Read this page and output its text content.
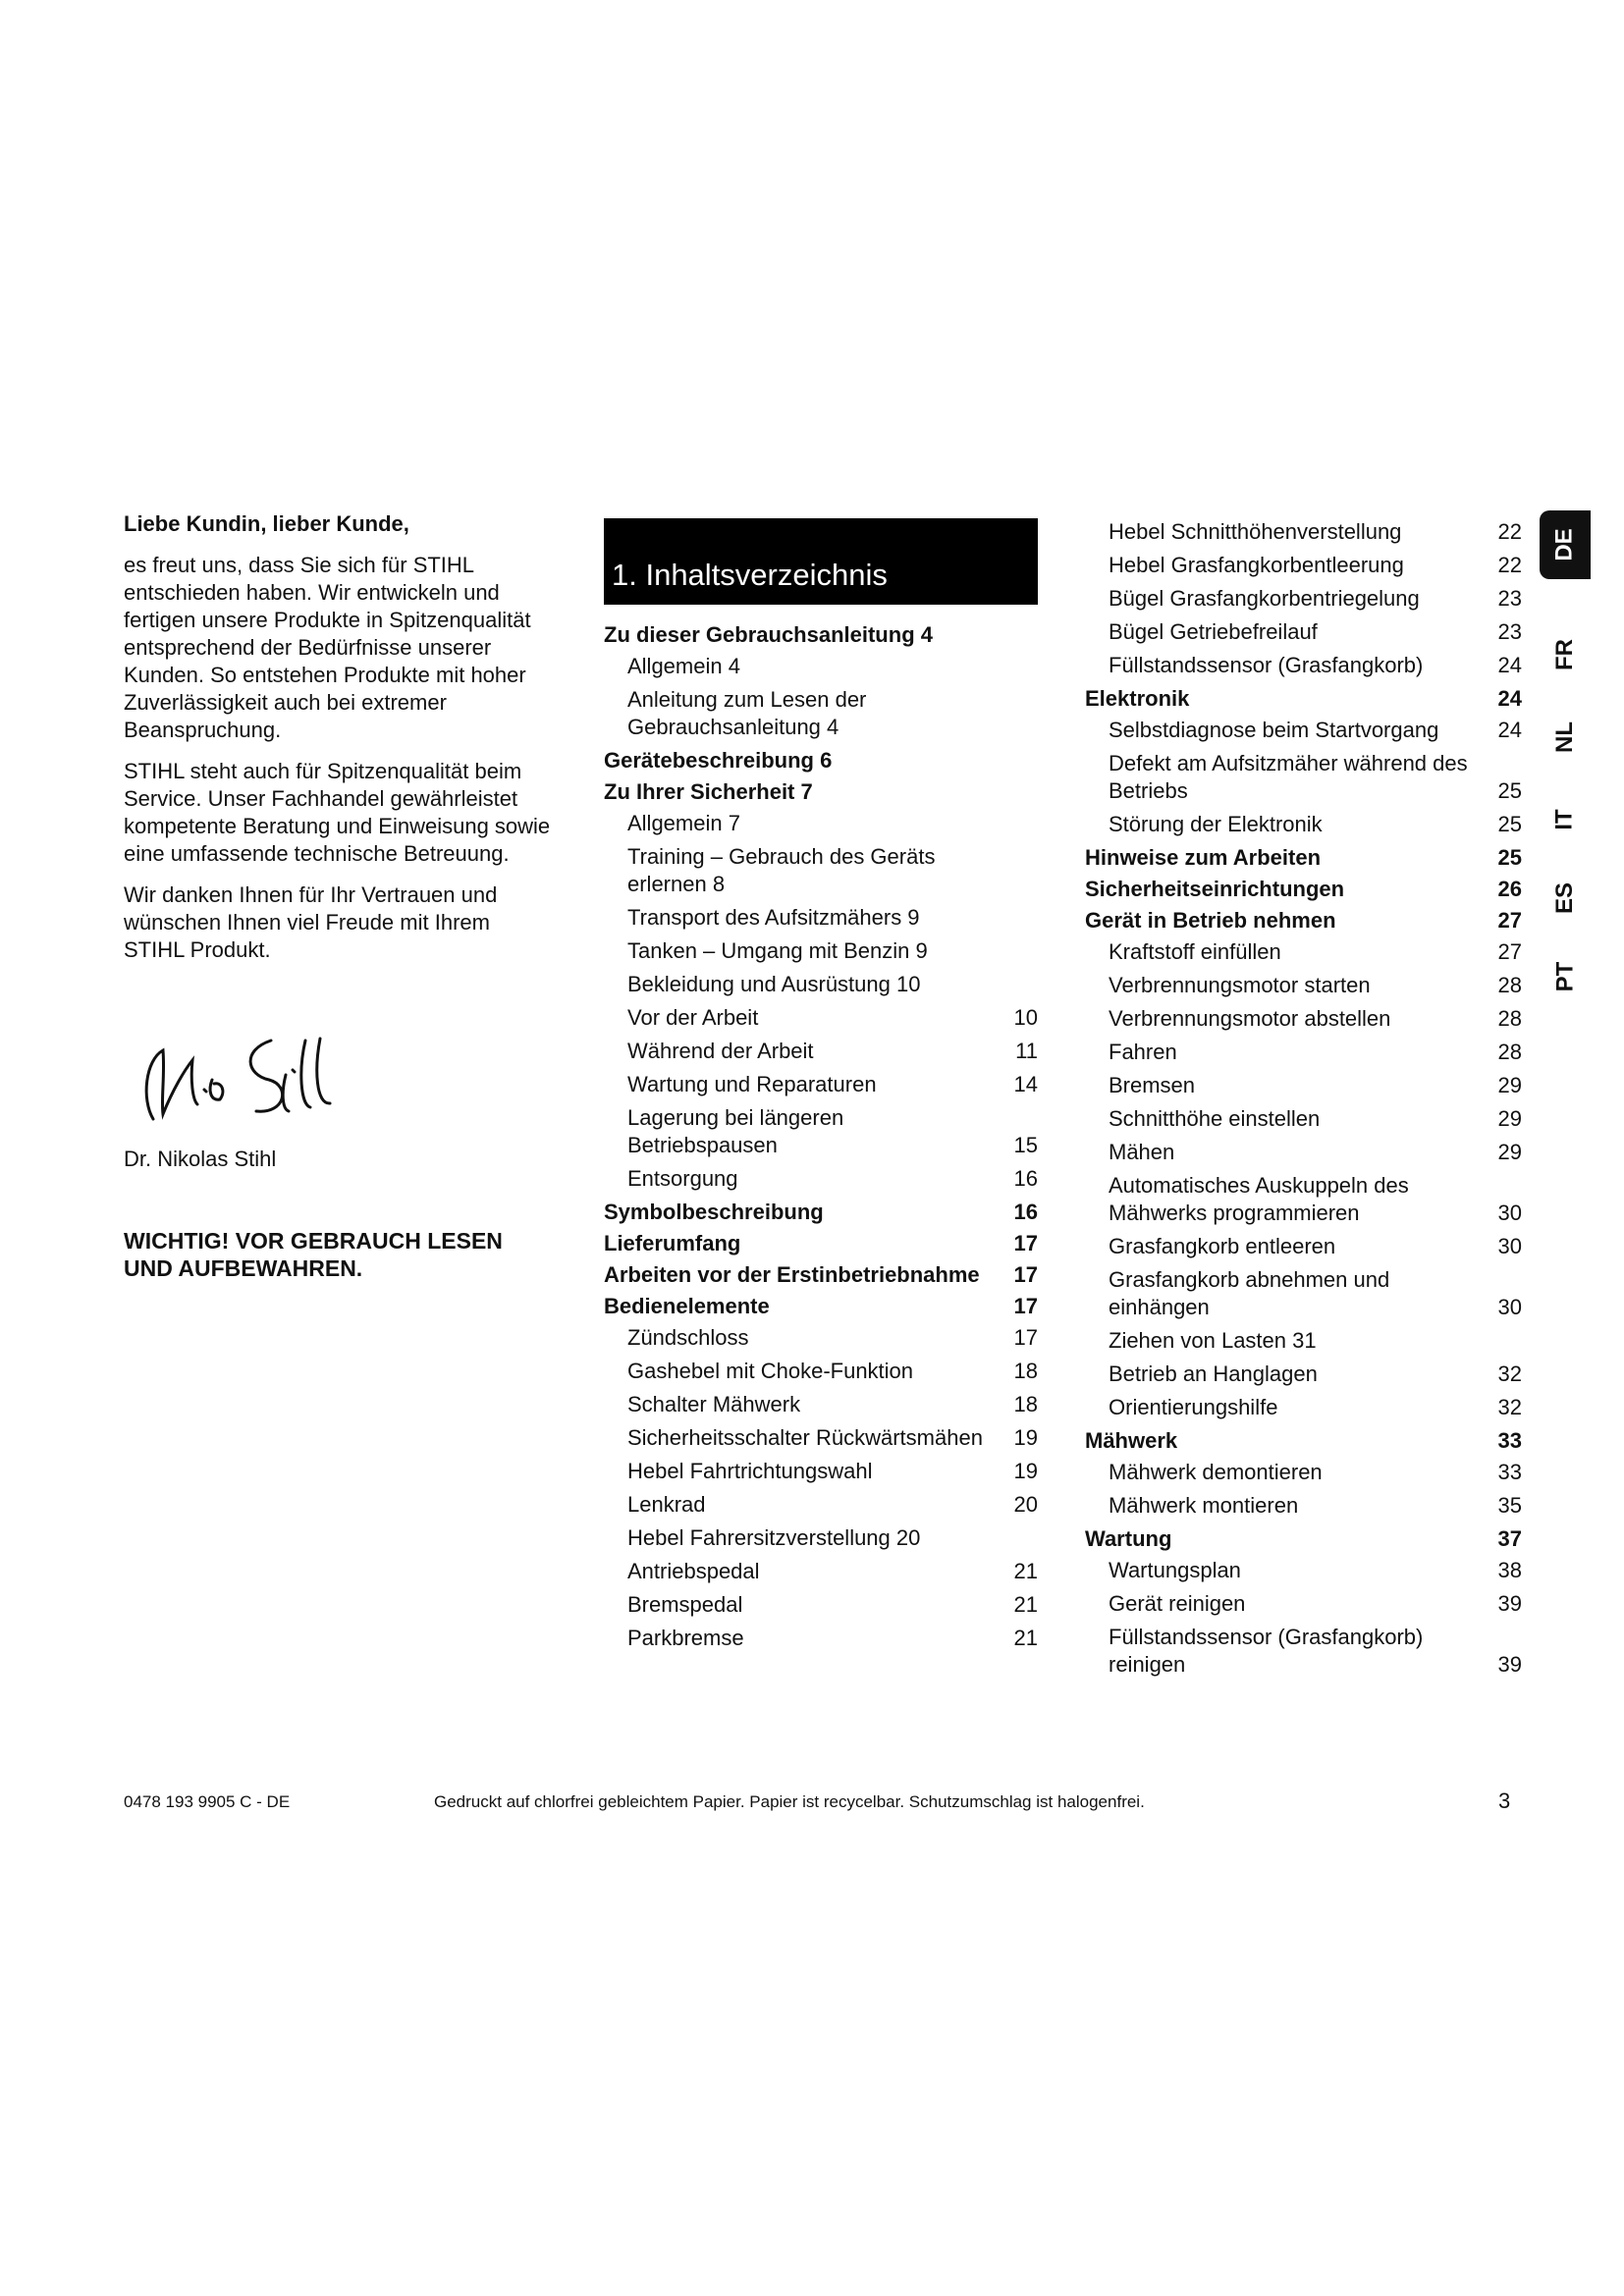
Liebe Kundin, lieber Kunde,

es freut uns, dass Sie sich für STIHL entschieden haben. Wir entwickeln und fertigen unsere Produkte in Spitzenqualität entsprechend der Bedürfnisse unserer Kunden. So entstehen Produkte mit hoher Zuverlässigkeit auch bei extremer Beanspruchung.

STIHL steht auch für Spitzenqualität beim Service. Unser Fachhandel gewährleistet kompetente Beratung und Einweisung sowie eine umfassende technische Betreuung.

Wir danken Ihnen für Ihr Vertrauen und wünschen Ihnen viel Freude mit Ihrem STIHL Produkt.

Dr. Nikolas Stihl
WICHTIG! VOR GEBRAUCH LESEN UND AUFBEWAHREN.
1. Inhaltsverzeichnis
Zu dieser Gebrauchsanleitung 4
Allgemein 4
Anleitung zum Lesen der Gebrauchsanleitung 4
Gerätebeschreibung 6
Zu Ihrer Sicherheit 7
Allgemein 7
Training – Gebrauch des Geräts erlernen 8
Transport des Aufsitzmähers 9
Tanken – Umgang mit Benzin 9
Bekleidung und Ausrüstung 10
Vor der Arbeit	10
Während der Arbeit	11
Wartung und Reparaturen	14
Lagerung bei längeren Betriebspausen	15
Entsorgung	16
Symbolbeschreibung	16
Lieferumfang	17
Arbeiten vor der Erstinbetriebnahme	17
Bedienelemente	17
Zündschloss	17
Gashebel mit Choke-Funktion	18
Schalter Mähwerk	18
Sicherheitsschalter Rückwärtsmähen	19
Hebel Fahrtrichtungswahl	19
Lenkrad	20
Hebel Fahrersitzverstellung 20
Antriebspedal	21
Bremspedal	21
Parkbremse	21
Hebel Schnitthöhenverstellung	22
Hebel Grasfangkorbentleerung	22
Bügel Grasfangkorbentriegelung	23
Bügel Getriebefreilauf	23
Füllstandssensor (Grasfangkorb)	24
Elektronik	24
Selbstdiagnose beim Startvorgang	24
Defekt am Aufsitzmäher während des Betriebs	25
Störung der Elektronik	25
Hinweise zum Arbeiten	25
Sicherheitseinrichtungen	26
Gerät in Betrieb nehmen	27
Kraftstoff einfüllen	27
Verbrennungsmotor starten	28
Verbrennungsmotor abstellen	28
Fahren	28
Bremsen	29
Schnitthöhe einstellen	29
Mähen	29
Automatisches Auskuppeln des Mähwerks programmieren	30
Grasfangkorb entleeren	30
Grasfangkorb abnehmen und einhängen	30
Ziehen von Lasten 31
Betrieb an Hanglagen	32
Orientierungshilfe	32
Mähwerk	33
Mähwerk demontieren	33
Mähwerk montieren	35
Wartung	37
Wartungsplan	38
Gerät reinigen	39
Füllstandssensor (Grasfangkorb) reinigen	39
DE
FR
NL
IT
ES
PT
0478 193 9905 C - DE	Gedruckt auf chlorfrei gebleichtem Papier. Papier ist recycelbar. Schutzumschlag ist halogenfrei.	3
